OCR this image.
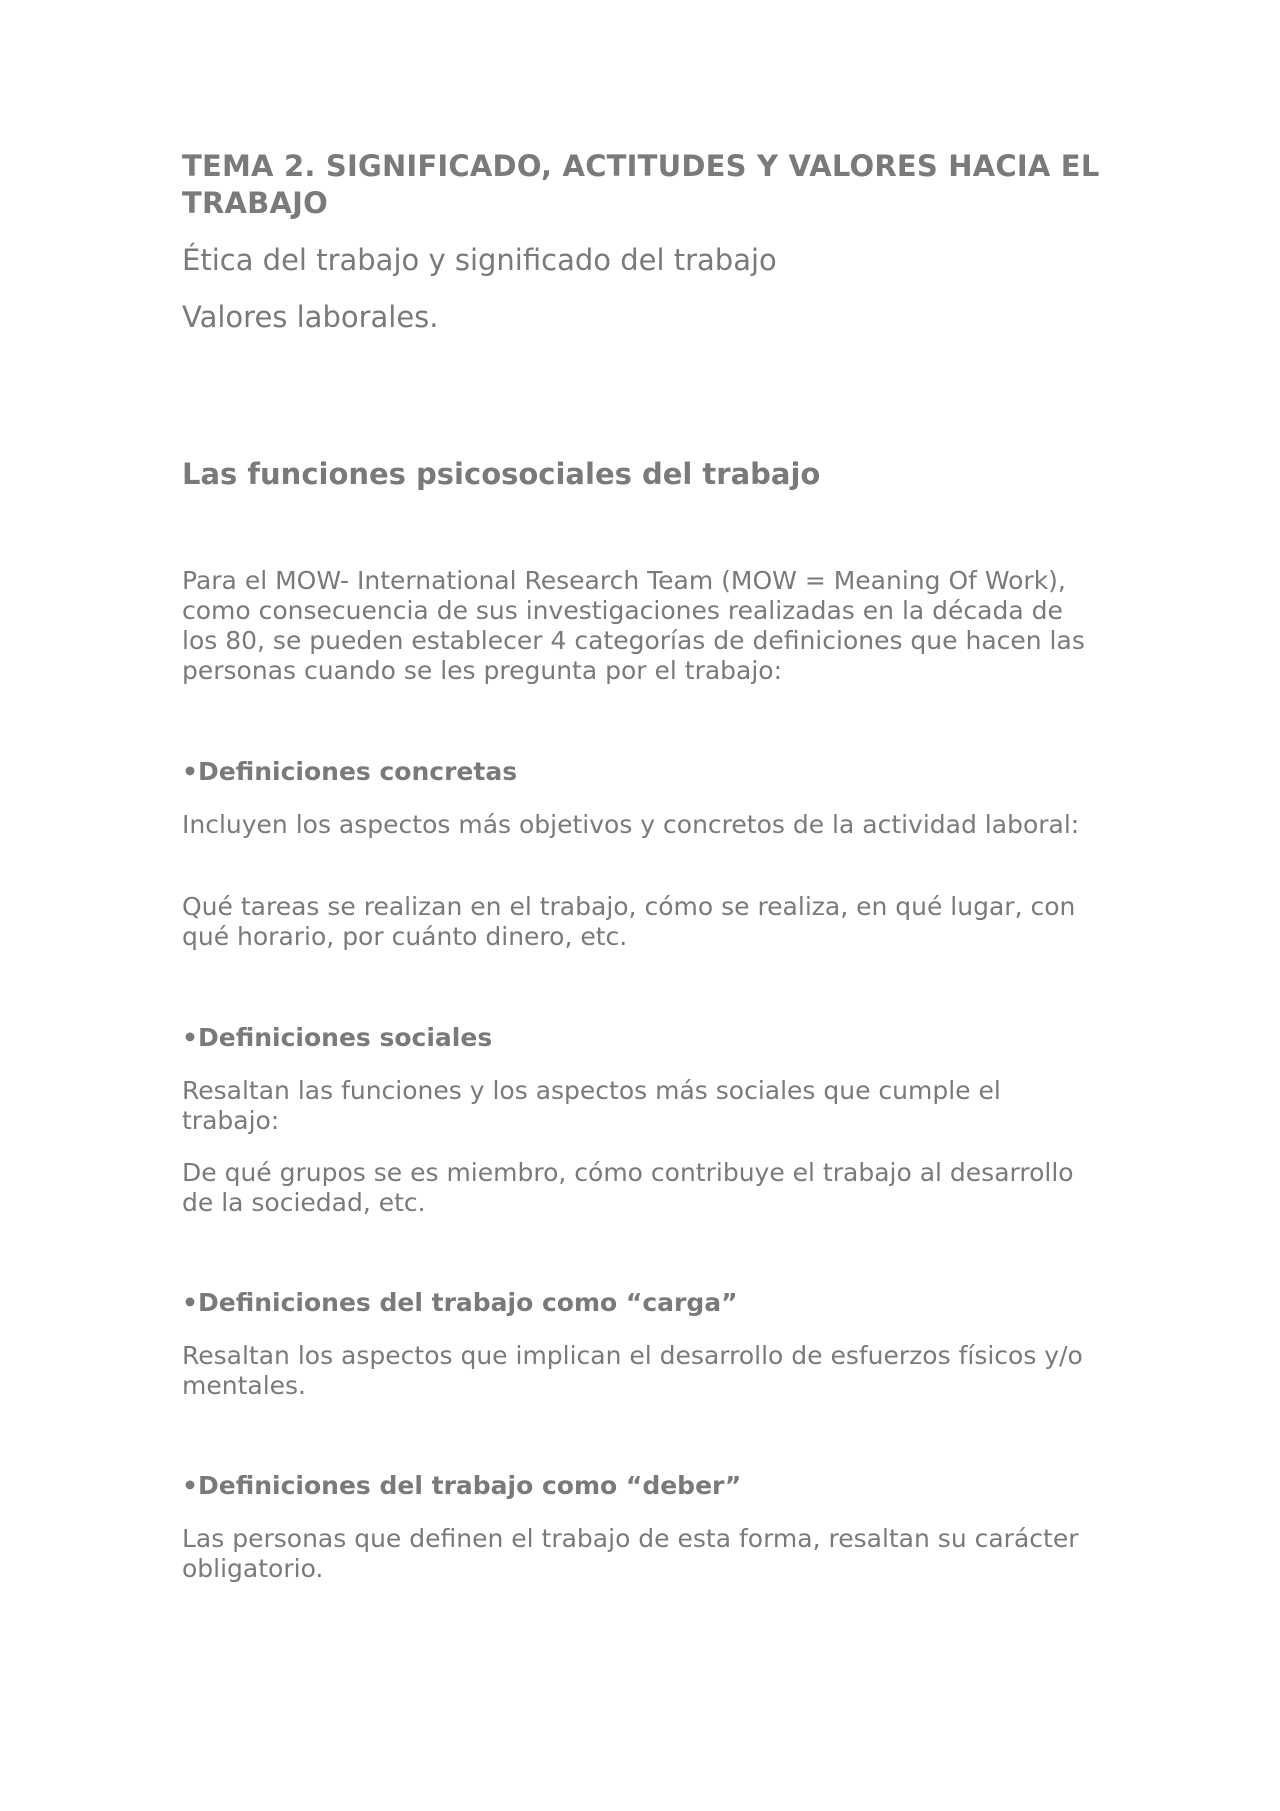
TEMA 2. SIGNIFICADO, ACTITUDES Y VALORES HACIA EL TRABAJO

Ética del trabajo y significado del trabajo

Valores laborales.

Las funciones psicosociales del trabajo

Para el MOW- International Research Team (MOW = Meaning Of Work), como consecuencia de sus investigaciones realizadas en la década de los 80, se pueden establecer 4 categorías de definiciones que hacen las personas cuando se les pregunta por el trabajo:

•Definiciones concretas

Incluyen los aspectos más objetivos y concretos de la actividad laboral:

Qué tareas se realizan en el trabajo, cómo se realiza, en qué lugar, con qué horario, por cuánto dinero, etc.

•Definiciones sociales

Resaltan las funciones y los aspectos más sociales que cumple el trabajo:

De qué grupos se es miembro, cómo contribuye el trabajo al desarrollo de la sociedad, etc.

•Definiciones del trabajo como “carga”

Resaltan los aspectos que implican el desarrollo de esfuerzos físicos y/o mentales.

•Definiciones del trabajo como “deber”

Las personas que definen el trabajo de esta forma, resaltan su carácter obligatorio.
